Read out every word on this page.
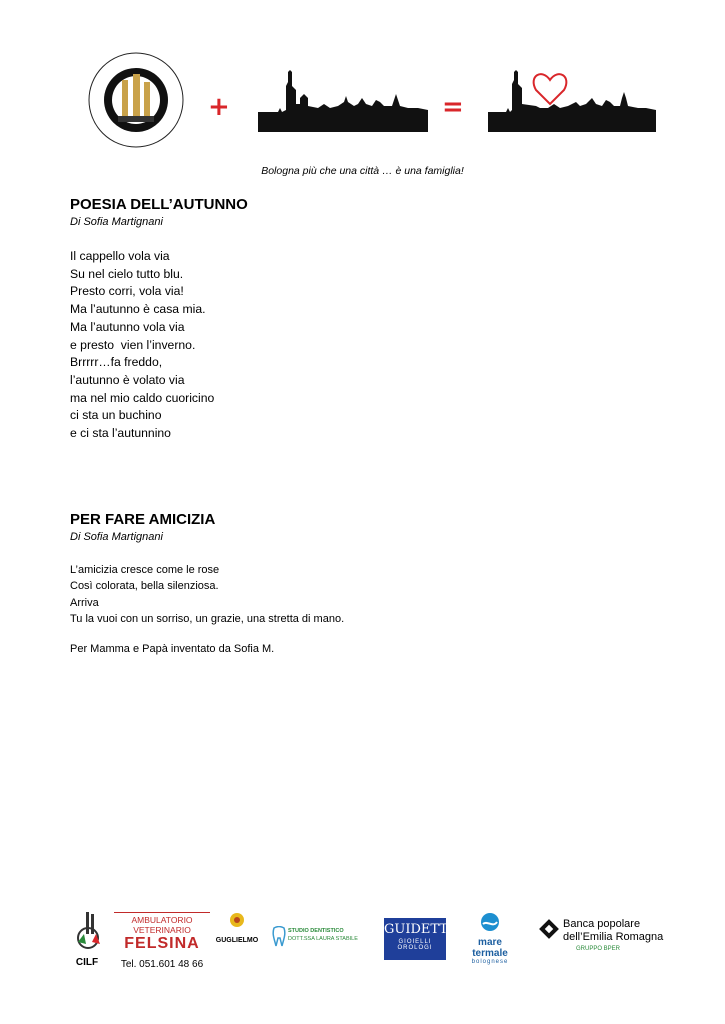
+	=
Bologna più che una città … è una famiglia!
POESIA DELL’AUTUNNO
Di Sofia Martignani
Il cappello vola via
Su nel cielo tutto blu.
Presto corri, vola via!
Ma l’autunno è casa mia.
Ma l’autunno vola via
e presto  vien l’inverno.
Brrrrr…fa freddo,
l’autunno è volato via
ma nel mio caldo cuoricino
ci sta un buchino
e ci sta l’autunnino
PER FARE AMICIZIA
Di Sofia Martignani
L’amicizia cresce come le rose
Così colorata, bella silenziosa.
Arriva
Tu la vuoi con un sorriso, un grazie, una stretta di mano.
Per Mamma e Papà inventato da Sofia M.
CILF
AMBULATORIO VETERINARIO
FELSINA
Tel. 051.601 48 66
GUGLIELMO
STUDIO DENTISTICO
DOTT.SSA LAURA STABILE
GUIDETTI
GIOIELLI OROLOGI	mare termale
bolognese
Banca popolare
dell’Emilia Romagna
GRUPPO BPER
